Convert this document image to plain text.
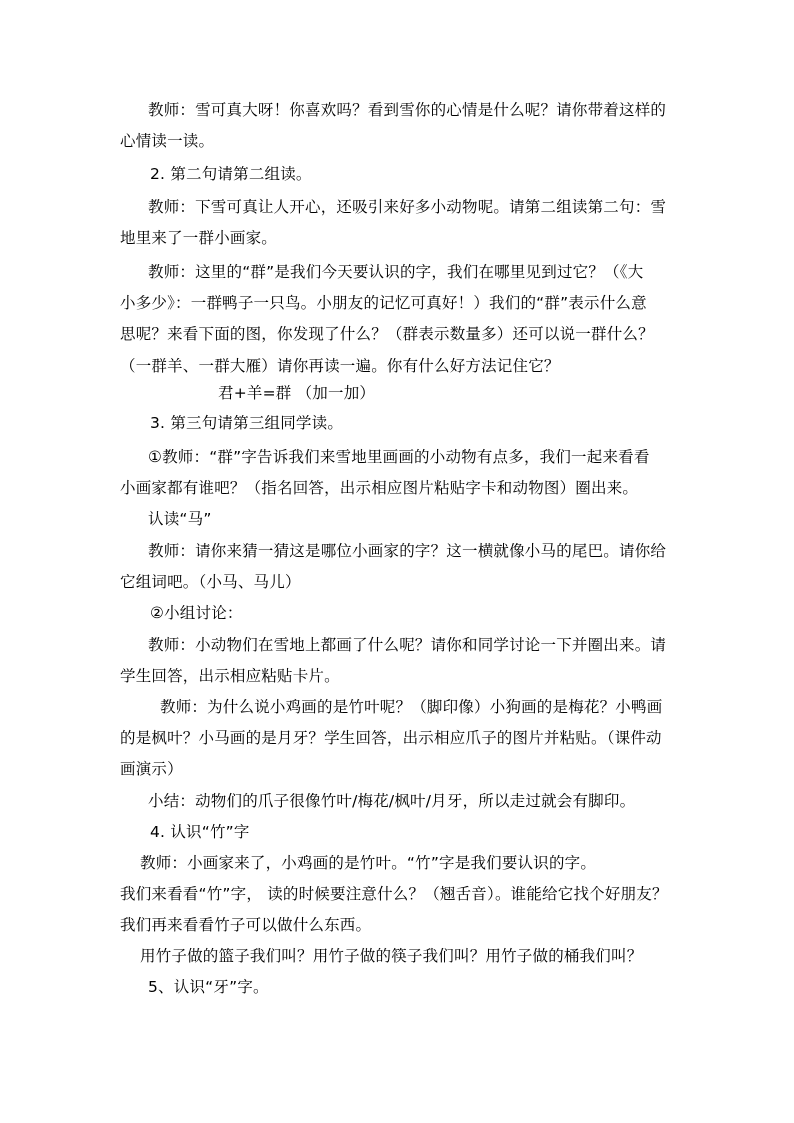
教师：雪可真大呀！你喜欢吗？看到雪你的心情是什么呢？请你带着这样的
心情读一读。
2. 第二句请第二组读。
教师：下雪可真让人开心，还吸引来好多小动物呢。请第二组读第二句：雪
地里来了一群小画家。
教师：这里的“群”是我们今天要认识的字，我们在哪里见到过它？（《大
小多少》：一群鸭子一只鸟。小朋友的记忆可真好！）我们的“群”表示什么意
思呢？来看下面的图，你发现了什么？（群表示数量多）还可以说一群什么？
（一群羊、一群大雁）请你再读一遍。你有什么好方法记住它？
君+羊=群 （加一加）
3. 第三句请第三组同学读。
①教师：“群”字告诉我们来雪地里画画的小动物有点多，我们一起来看看
小画家都有谁吧？（指名回答，出示相应图片粘贴字卡和动物图）圈出来。
认读“马”
教师：请你来猜一猜这是哪位小画家的字？这一横就像小马的尾巴。请你给
它组词吧。（小马、马儿）
②小组讨论：
教师：小动物们在雪地上都画了什么呢？请你和同学讨论一下并圈出来。请
学生回答，出示相应粘贴卡片。
教师：为什么说小鸡画的是竹叶呢？（脚印像）小狗画的是梅花？小鸭画
的是枫叶？小马画的是月牙？学生回答，出示相应爪子的图片并粘贴。（课件动
画演示）
小结：动物们的爪子很像竹叶/梅花/枫叶/月牙，所以走过就会有脚印。
4. 认识“竹”字
教师：小画家来了，小鸡画的是竹叶。“竹”字是我们要认识的字。
我们来看看“竹”字， 读的时候要注意什么？（翘舌音）。谁能给它找个好朋友？
我们再来看看竹子可以做什么东西。
用竹子做的篮子我们叫？用竹子做的筷子我们叫？用竹子做的桶我们叫？
5、认识“牙”字。
